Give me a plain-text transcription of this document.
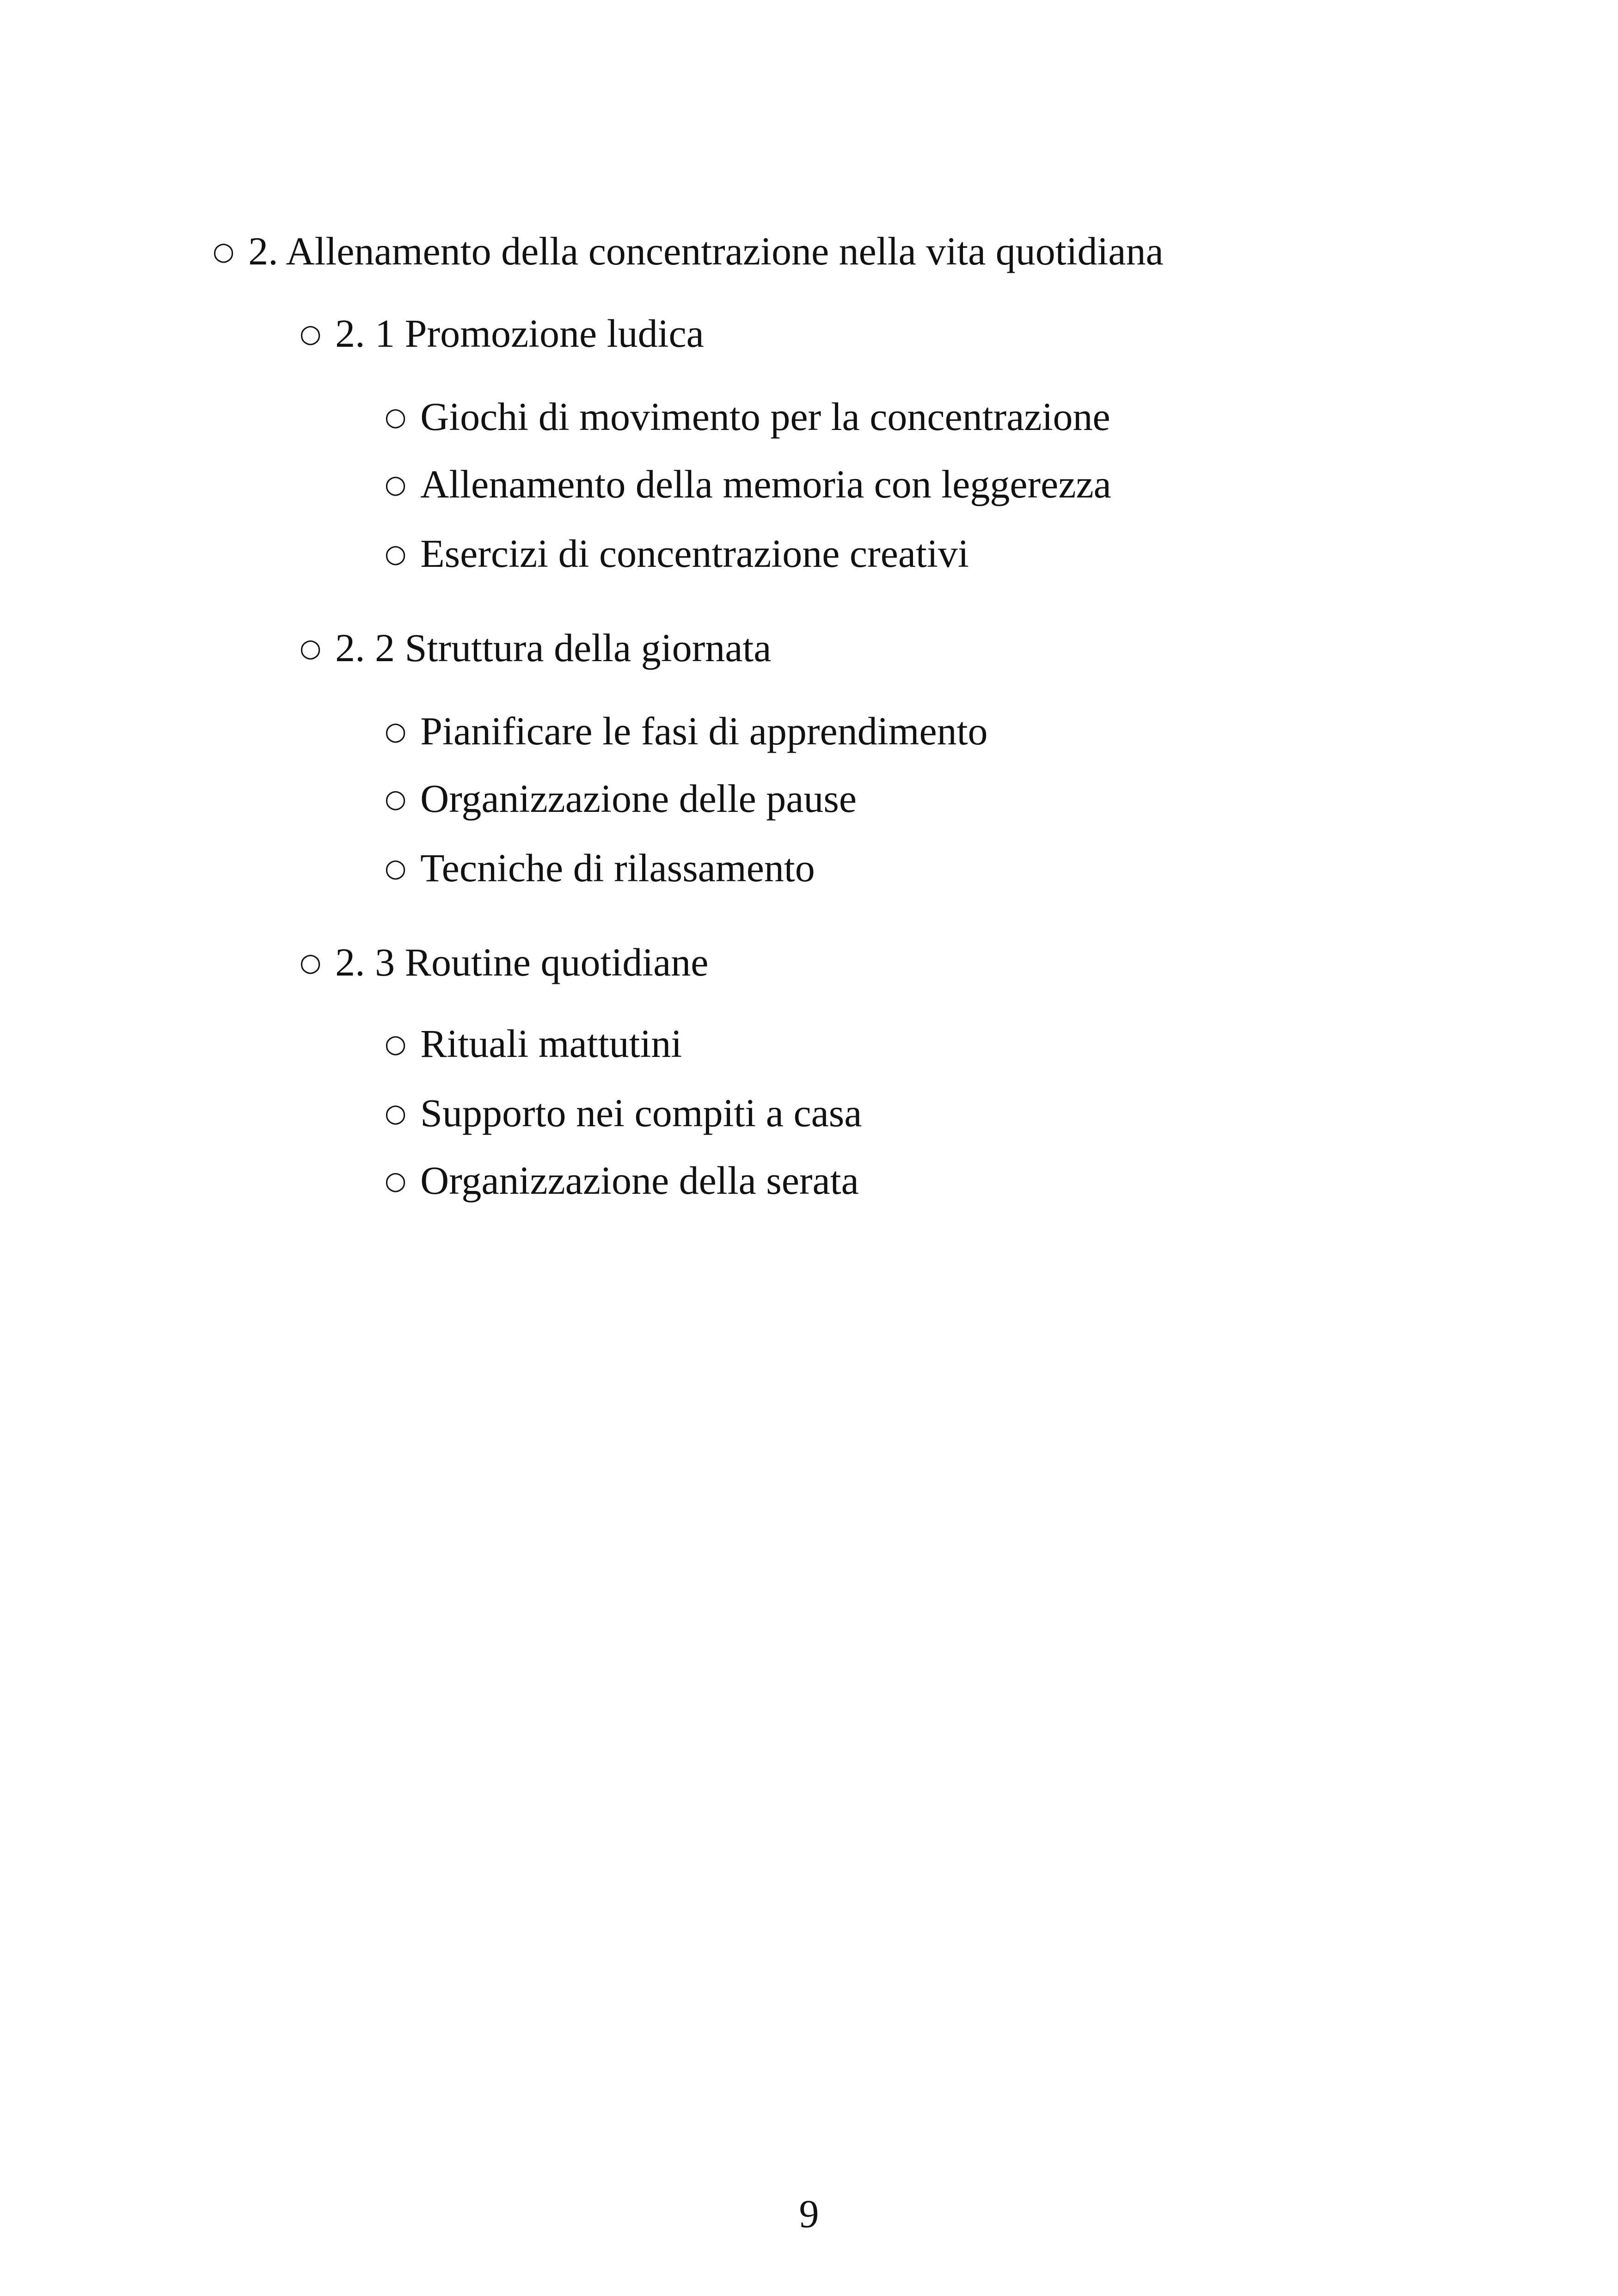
○ 2. Allenamento della concentrazione nella vita quotidiana
○ 2. 1 Promozione ludica
○ Giochi di movimento per la concentrazione
○ Allenamento della memoria con leggerezza
○ Esercizi di concentrazione creativi
○ 2. 2 Struttura della giornata
○ Pianificare le fasi di apprendimento
○ Organizzazione delle pause
○ Tecniche di rilassamento
○ 2. 3 Routine quotidiane
○ Rituali mattutini
○ Supporto nei compiti a casa
○ Organizzazione della serata
9
